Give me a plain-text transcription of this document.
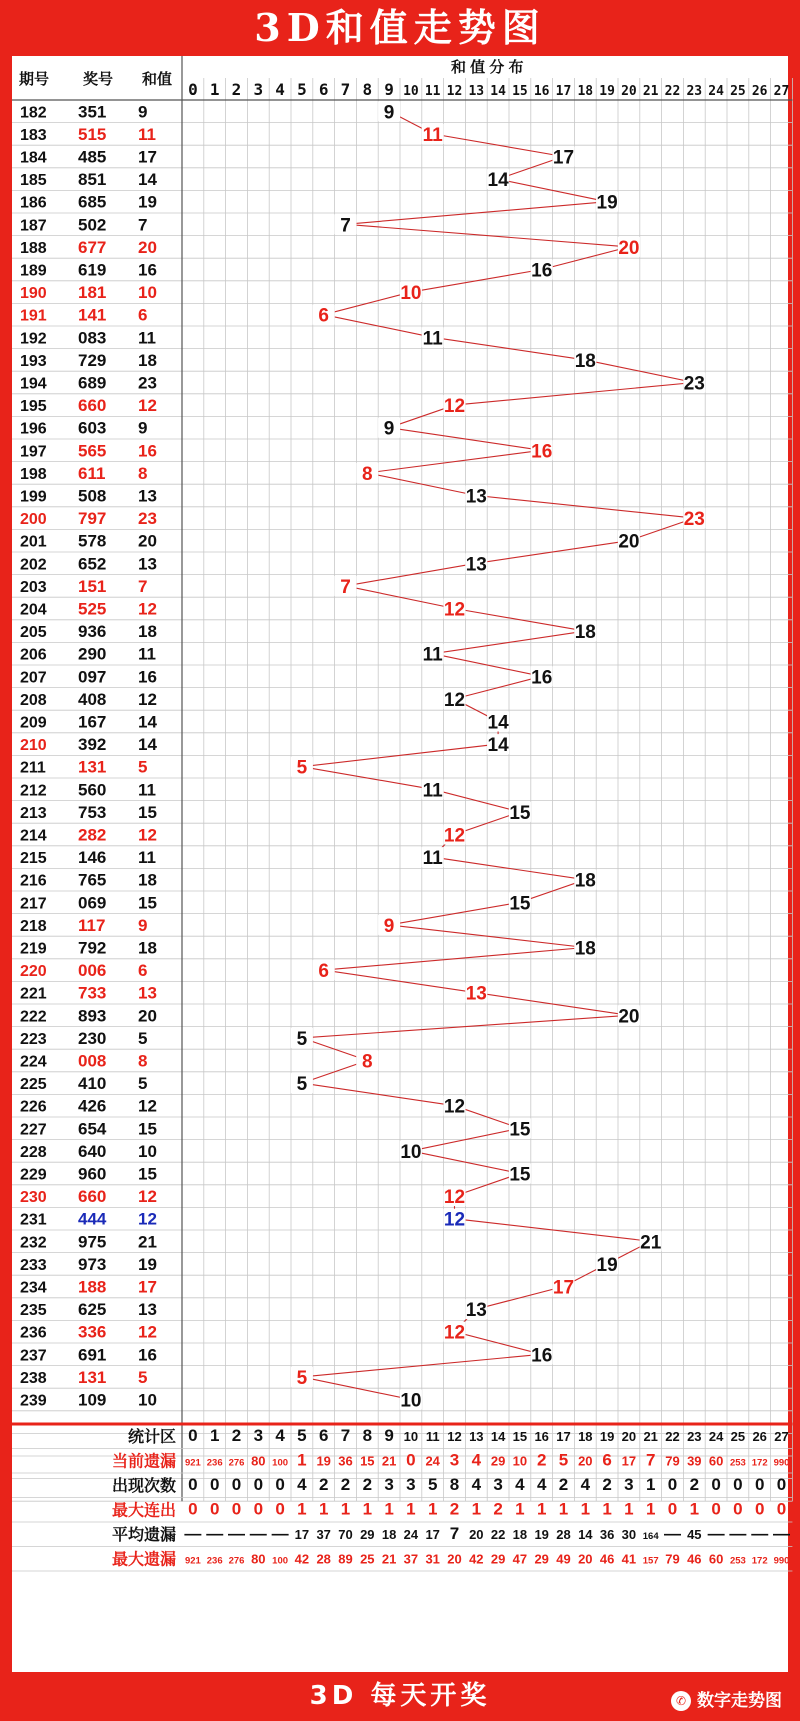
3D和值走势图
期号 奖号 和值
和 值 分 布
0 1 2 3 4 5 6 7 8 9 10 11 12 13 14 15 16 17 18 19 20 21 22 23 24 25 26 27
182 351 9
183 515 11
184 485 17
185 851 14
186 685 19
187 502 7
188 677 20
189 619 16
190 181 10
191 141 6
192 083 11
193 729 18
194 689 23
195 660 12
196 603 9
197 565 16
198 611 8
199 508 13
200 797 23
201 578 20
202 652 13
203 151 7
204 525 12
205 936 18
206 290 11
207 097 16
208 408 12
209 167 14
210 392 14
211 131 5
212 560 11
213 753 15
214 282 12
215 146 11
216 765 18
217 069 15
218 117 9
219 792 18
220 006 6
221 733 13
222 893 20
223 230 5
224 008 8
225 410 5
226 426 12
227 654 15
228 640 10
229 960 15
230 660 12
231 444 12
232 975 21
233 973 19
234 188 17
235 625 13
236 336 12
237 691 16
238 131 5
239 109 10
9
11
17
14
19
7
20
16
10
6
11
18
23
12
9
16
8
13
23
20
13
7
12
18
11
16
12
14
14
5
11
15
12
11
18
15
9
18
6
13
20
5
8
5
12
15
10
15
12
12
21
19
17
13
12
16
5
10
统计区 0 1 2 3 4 5 6 7 8 9 10 11 12 13 14 15 16 17 18 19 20 21 22 23 24 25 26 27
当前遗漏 921 236 276 80 100 1 19 36 15 21 0 24 3 4 29 10 2 5 20 6 17 7 79 39 60 253 172 990
出现次数 0 0 0 0 0 4 2 2 2 3 3 5 8 4 3 4 4 2 4 2 3 1 0 2 0 0 0 0
最大连出 0 0 0 0 0 1 1 1 1 1 1 1 2 1 2 1 1 1 1 1 1 1 0 1 0 0 0 0
平均遗漏 — — — — — 17 37 70 29 18 24 17 7 20 22 18 19 28 14 36 30 164 — 45 — — — —
最大遗漏 921 236 276 80 100 42 28 89 25 21 37 31 20 42 29 47 29 49 20 46 41 157 79 46 60 253 172 990
3D 每天开奖	✆ 数字走势图
